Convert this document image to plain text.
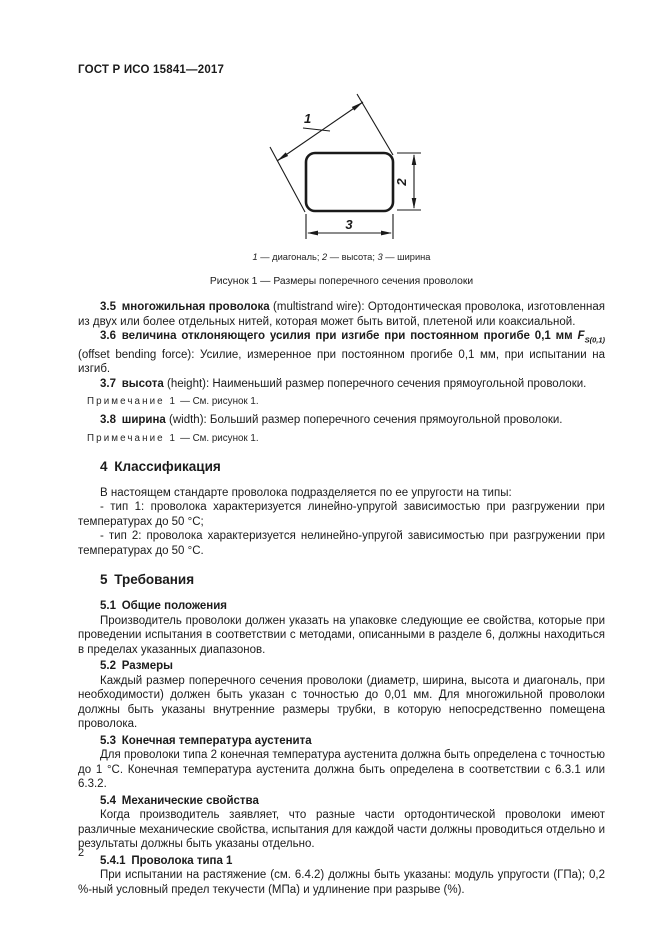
ГОСТ Р ИСО 15841—2017
1
2
3
1 — диагональ; 2 — высота; 3 — ширина
Рисунок 1 — Размеры поперечного сечения проволоки

3.5 многожильная проволока (multistrand wire): Ортодонтическая проволока, изготовленная из двух или более отдельных нитей, которая может быть витой, плетеной или коаксиальной.

3.6 величина отклоняющего усилия при изгибе при постоянном прогибе 0,1 мм $F_{S(0,1)}$ (offset bending force): Усилие, измеренное при постоянном прогибе 0,1 мм, при испытании на изгиб.

3.7 высота (height): Наименьший размер поперечного сечения прямоугольной проволоки.

Примечание 1 — См. рисунок 1.

3.8 ширина (width): Больший размер поперечного сечения прямоугольной проволоки.

Примечание 1 — См. рисунок 1.

4 Классификация

В настоящем стандарте проволока подразделяется по ее упругости на типы:

- тип 1: проволока характеризуется линейно-упругой зависимостью при разгружении при температурах до 50 °С;

- тип 2: проволока характеризуется нелинейно-упругой зависимостью при разгружении при температурах до 50 °С.

5 Требования
5.1 Общие положения

Производитель проволоки должен указать на упаковке следующие ее свойства, которые при проведении испытания в соответствии с методами, описанными в разделе 6, должны находиться в пределах указанных диапазонов.

5.2 Размеры

Каждый размер поперечного сечения проволоки (диаметр, ширина, высота и диагональ, при необходимости) должен быть указан с точностью до 0,01 мм. Для многожильной проволоки должны быть указаны внутренние размеры трубки, в которую непосредственно помещена проволока.

5.3 Конечная температура аустенита

Для проволоки типа 2 конечная температура аустенита должна быть определена с точностью до 1 °С. Конечная температура аустенита должна быть определена в соответствии с 6.3.1 или 6.3.2.

5.4 Механические свойства

Когда производитель заявляет, что разные части ортодонтической проволоки имеют различные механические свойства, испытания для каждой части должны проводиться отдельно и результаты должны быть указаны отдельно.

5.4.1 Проволока типа 1

При испытании на растяжение (см. 6.4.2) должны быть указаны: модуль упругости (ГПа); 0,2 %-ный условный предел текучести (МПа) и удлинение при разрыве (%).

2
